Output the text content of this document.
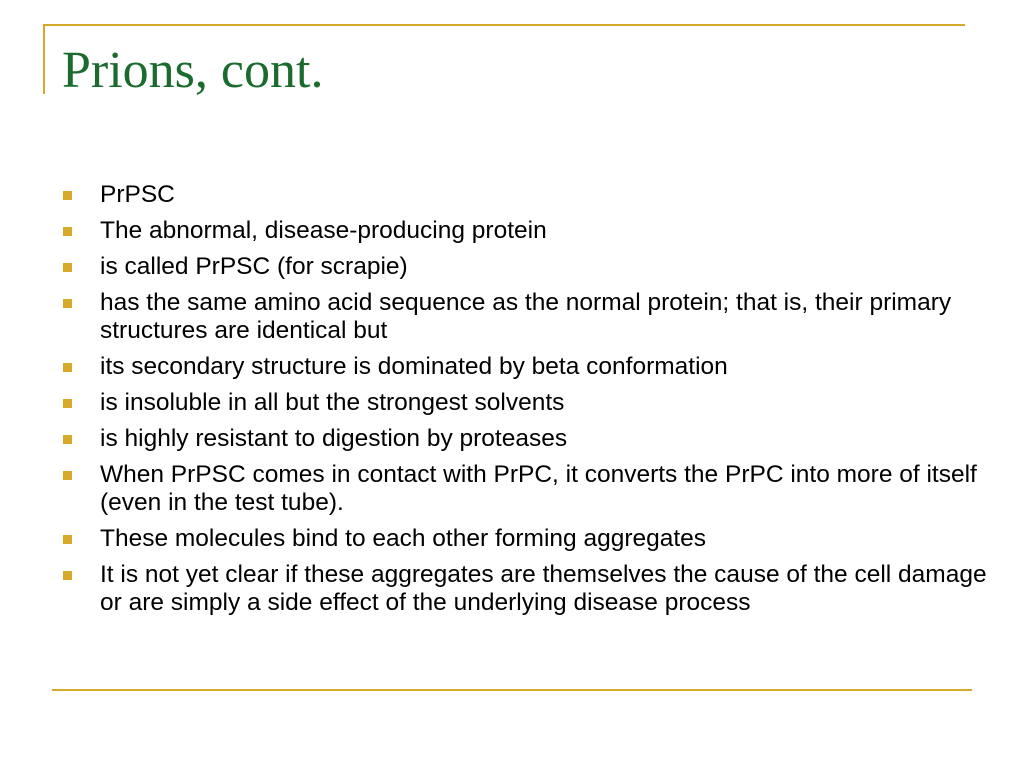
Prions, cont.
PrPSC
The abnormal, disease-producing protein
is called PrPSC (for scrapie)
has the same amino acid sequence as the normal protein; that is, their primary structures are identical but
its secondary structure is dominated by beta conformation
is insoluble in all but the strongest solvents
is highly resistant to digestion by proteases
When PrPSC comes in contact with PrPC, it converts the PrPC into more of itself (even in the test tube).
These molecules bind to each other forming aggregates
It is not yet clear if these aggregates are themselves the cause of the cell damage or are simply a side effect of the underlying disease process
